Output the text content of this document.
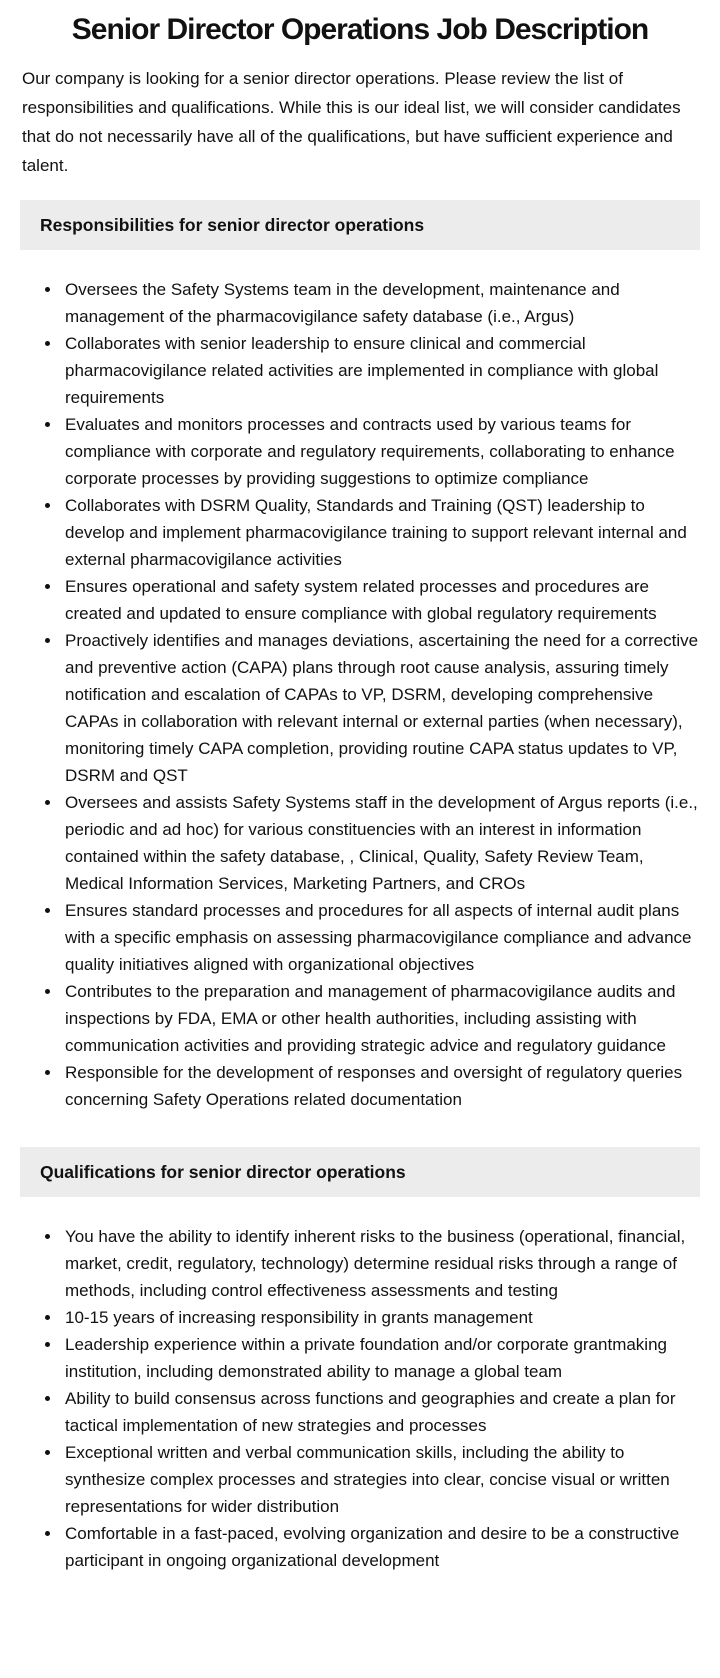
Senior Director Operations Job Description

Our company is looking for a senior director operations. Please review the list of responsibilities and qualifications. While this is our ideal list, we will consider candidates that do not necessarily have all of the qualifications, but have sufficient experience and talent.

Responsibilities for senior director operations
• Oversees the Safety Systems team in the development, maintenance and management of the pharmacovigilance safety database (i.e., Argus)
• Collaborates with senior leadership to ensure clinical and commercial pharmacovigilance related activities are implemented in compliance with global requirements
• Evaluates and monitors processes and contracts used by various teams for compliance with corporate and regulatory requirements, collaborating to enhance corporate processes by providing suggestions to optimize compliance
• Collaborates with DSRM Quality, Standards and Training (QST) leadership to develop and implement pharmacovigilance training to support relevant internal and external pharmacovigilance activities
• Ensures operational and safety system related processes and procedures are created and updated to ensure compliance with global regulatory requirements
• Proactively identifies and manages deviations, ascertaining the need for a corrective and preventive action (CAPA) plans through root cause analysis, assuring timely notification and escalation of CAPAs to VP, DSRM, developing comprehensive CAPAs in collaboration with relevant internal or external parties (when necessary), monitoring timely CAPA completion, providing routine CAPA status updates to VP, DSRM and QST
• Oversees and assists Safety Systems staff in the development of Argus reports (i.e., periodic and ad hoc) for various constituencies with an interest in information contained within the safety database, , Clinical, Quality, Safety Review Team, Medical Information Services, Marketing Partners, and CROs
• Ensures standard processes and procedures for all aspects of internal audit plans with a specific emphasis on assessing pharmacovigilance compliance and advance quality initiatives aligned with organizational objectives
• Contributes to the preparation and management of pharmacovigilance audits and inspections by FDA, EMA or other health authorities, including assisting with communication activities and providing strategic advice and regulatory guidance
• Responsible for the development of responses and oversight of regulatory queries concerning Safety Operations related documentation
Qualifications for senior director operations
• You have the ability to identify inherent risks to the business (operational, financial, market, credit, regulatory, technology) determine residual risks through a range of methods, including control effectiveness assessments and testing
• 10-15 years of increasing responsibility in grants management
• Leadership experience within a private foundation and/or corporate grantmaking institution, including demonstrated ability to manage a global team
• Ability to build consensus across functions and geographies and create a plan for tactical implementation of new strategies and processes
• Exceptional written and verbal communication skills, including the ability to synthesize complex processes and strategies into clear, concise visual or written representations for wider distribution
• Comfortable in a fast-paced, evolving organization and desire to be a constructive participant in ongoing organizational development
